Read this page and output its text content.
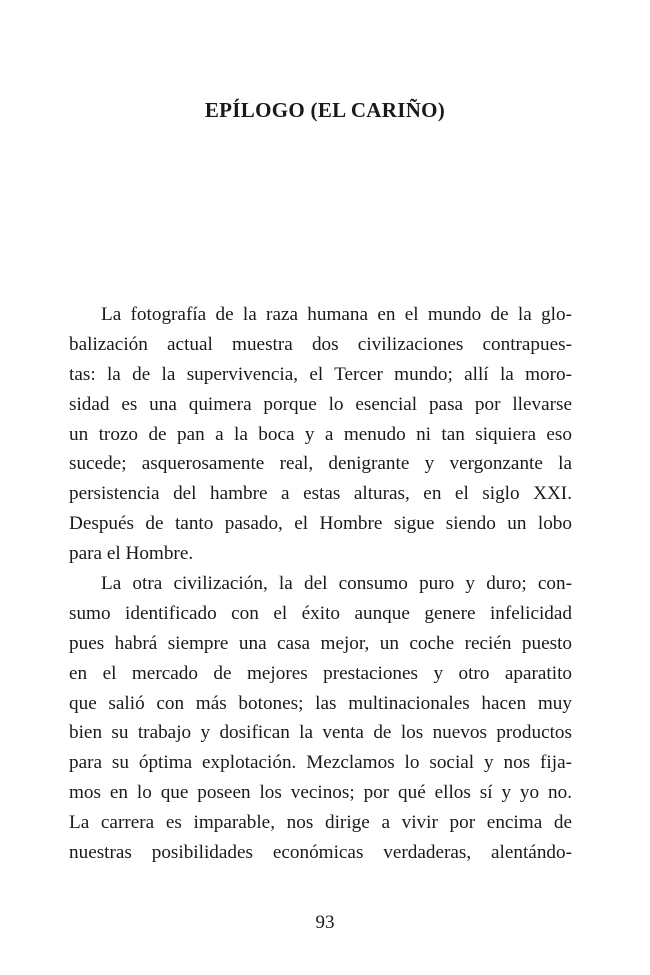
EPÍLOGO (EL CARIÑO)
La fotografía de la raza humana en el mundo de la glo-
balización actual muestra dos civilizaciones contrapues-
tas: la de la supervivencia, el Tercer mundo; allí la moro-
sidad es una quimera porque lo esencial pasa por llevarse
un trozo de pan a la boca y a menudo ni tan siquiera eso
sucede; asquerosamente real, denigrante y vergonzante la
persistencia del hambre a estas alturas, en el siglo XXI.
Después de tanto pasado, el Hombre sigue siendo un lobo
para el Hombre.
La otra civilización, la del consumo puro y duro; con-
sumo identificado con el éxito aunque genere infelicidad
pues habrá siempre una casa mejor, un coche recién puesto
en el mercado de mejores prestaciones y otro aparatito
que salió con más botones; las multinacionales hacen muy
bien su trabajo y dosifican la venta de los nuevos productos
para su óptima explotación. Mezclamos lo social y nos fija-
mos en lo que poseen los vecinos; por qué ellos sí y yo no.
La carrera es imparable, nos dirige a vivir por encima de
nuestras posibilidades económicas verdaderas, alentándo-
93
